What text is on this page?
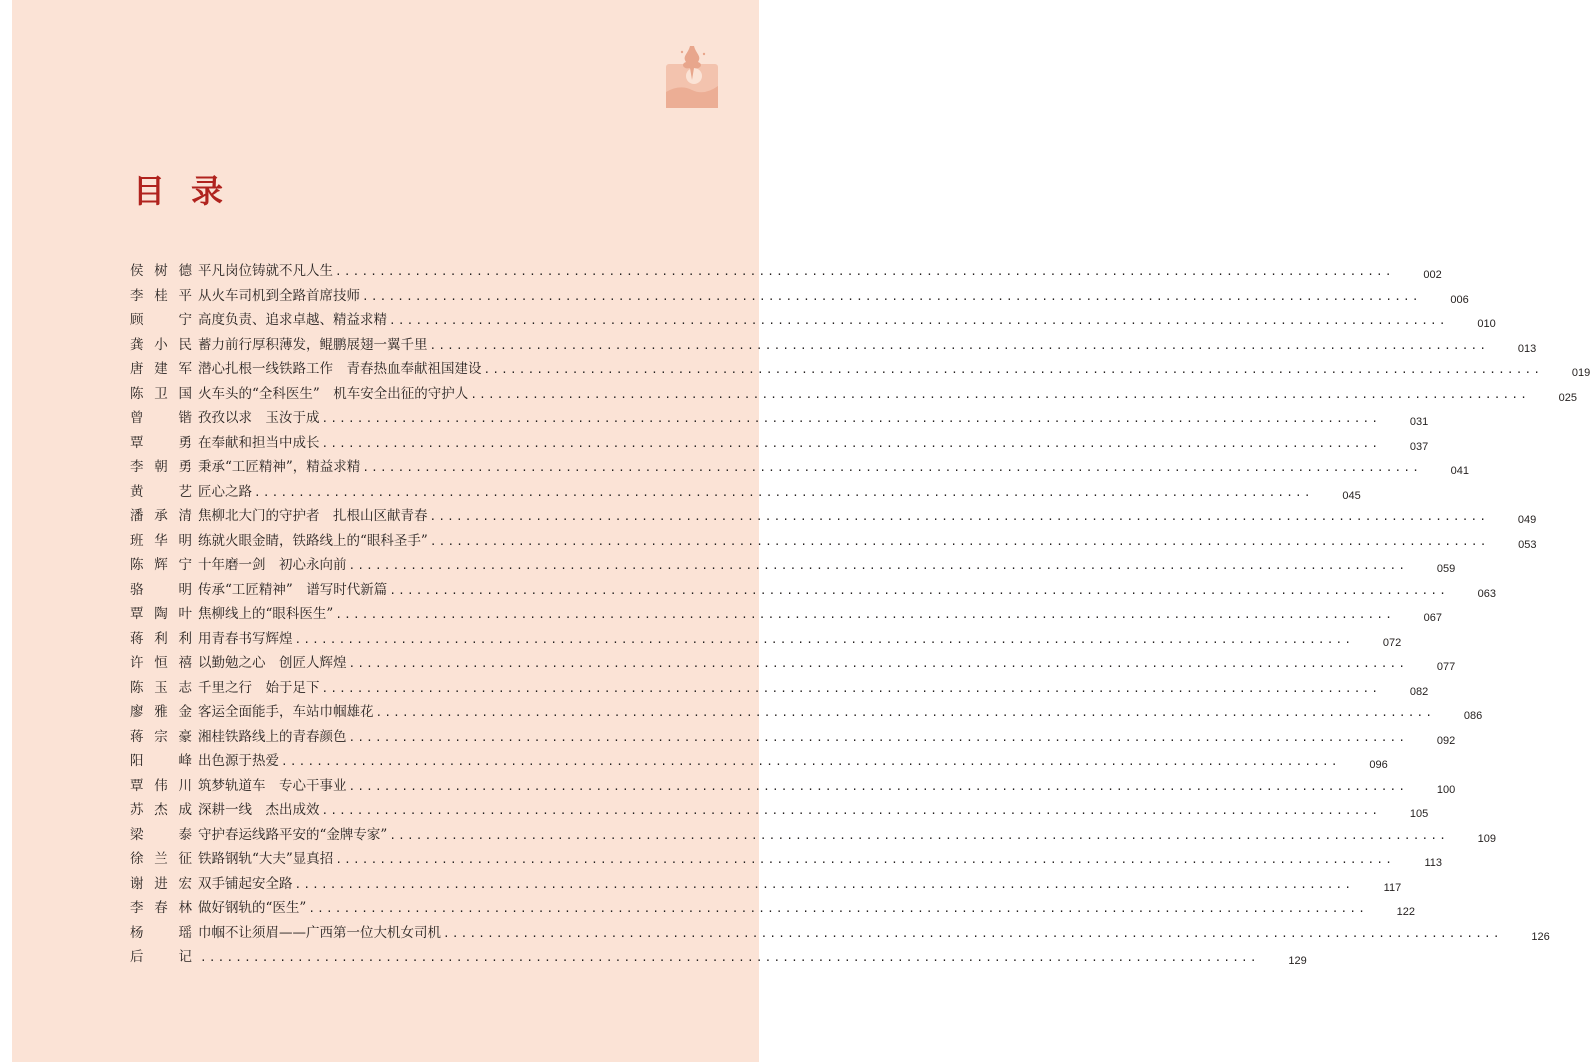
目录
侯树德 平凡岗位铸就不凡人生 ........................................................................................................................	002
李桂平 从火车司机到全路首席技师 ........................................................................................................................	006
顾　宁 高度负责、追求卓越、精益求精 ........................................................................................................................	010
龚小民 蓄力前行厚积薄发，鲲鹏展翅一翼千里 ........................................................................................................................	013
唐建军 潜心扎根一线铁路工作　青春热血奉献祖国建设 ........................................................................................................................	019
陈卫国 火车头的“全科医生”　机车安全出征的守护人 ........................................................................................................................	025
曾　锴 孜孜以求　玉汝于成 ........................................................................................................................	031
覃　勇 在奉献和担当中成长 ........................................................................................................................	037
李朝勇 秉承“工匠精神”，精益求精 ........................................................................................................................	041
黄　艺 匠心之路 ........................................................................................................................	045
潘承清 焦柳北大门的守护者　扎根山区献青春 ........................................................................................................................	049
班华明 练就火眼金睛，铁路线上的“眼科圣手” ........................................................................................................................	053
陈辉宁 十年磨一剑　初心永向前 ........................................................................................................................	059
骆　明 传承“工匠精神”　谱写时代新篇 ........................................................................................................................	063
覃陶叶 焦柳线上的“眼科医生” ........................................................................................................................	067
蒋利利 用青春书写辉煌 ........................................................................................................................	072
许恒禧 以勤勉之心　创匠人辉煌 ........................................................................................................................	077
陈玉志 千里之行　始于足下 ........................................................................................................................	082
廖雅金 客运全面能手，车站巾帼雄花 ........................................................................................................................	086
蒋宗豪 湘桂铁路线上的青春颜色 ........................................................................................................................	092
阳　峰 出色源于热爱 ........................................................................................................................	096
覃伟川 筑梦轨道车　专心干事业 ........................................................................................................................	100
苏杰成 深耕一线　杰出成效 ........................................................................................................................	105
梁　泰 守护春运线路平安的“金牌专家” ........................................................................................................................	109
徐兰征 铁路钢轨“大夫”显真招 ........................................................................................................................	113
谢进宏 双手铺起安全路 ........................................................................................................................	117
李春林 做好钢轨的“医生” ........................................................................................................................	122
杨　瑶 巾帼不让须眉——广西第一位大机女司机 ........................................................................................................................	126
后　记 ........................................................................................................................	129
